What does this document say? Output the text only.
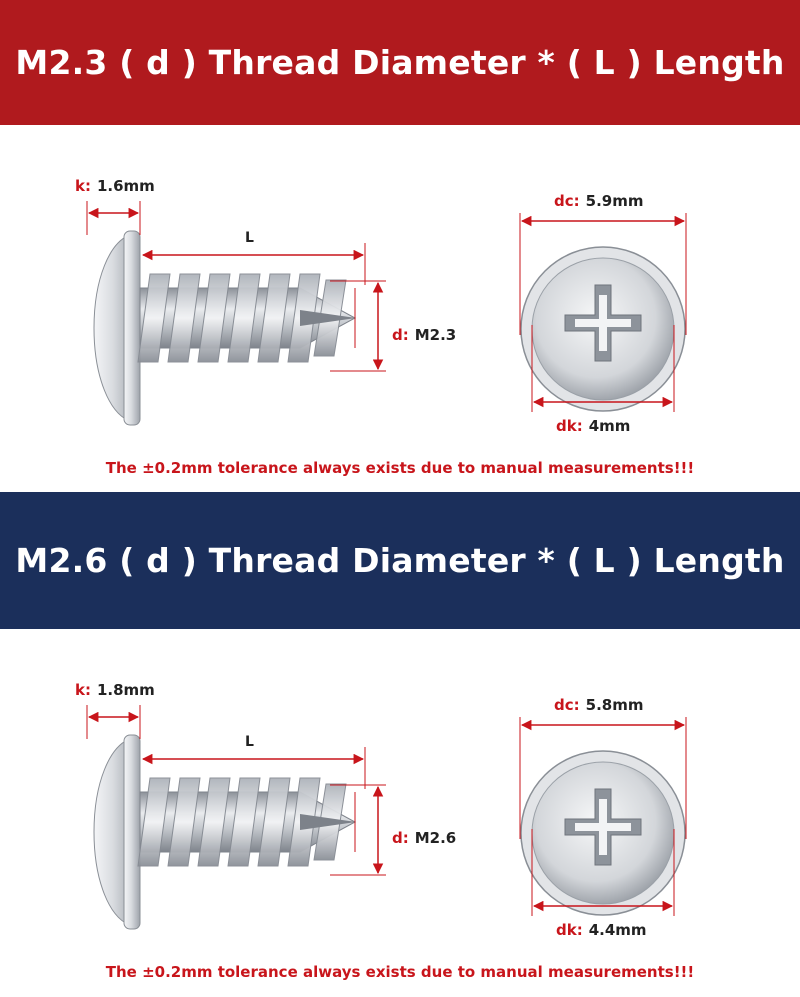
M2.3 ( d ) Thread Diameter * ( L ) Length
k: 1.6mm
L
d: M2.3
dc: 5.9mm
dk: 4mm
The ±0.2mm tolerance always exists due to manual measurements!!!
M2.6 ( d ) Thread Diameter * ( L ) Length
k: 1.8mm
L
d: M2.6
dc: 5.8mm
dk: 4.4mm
The ±0.2mm tolerance always exists due to manual measurements!!!
